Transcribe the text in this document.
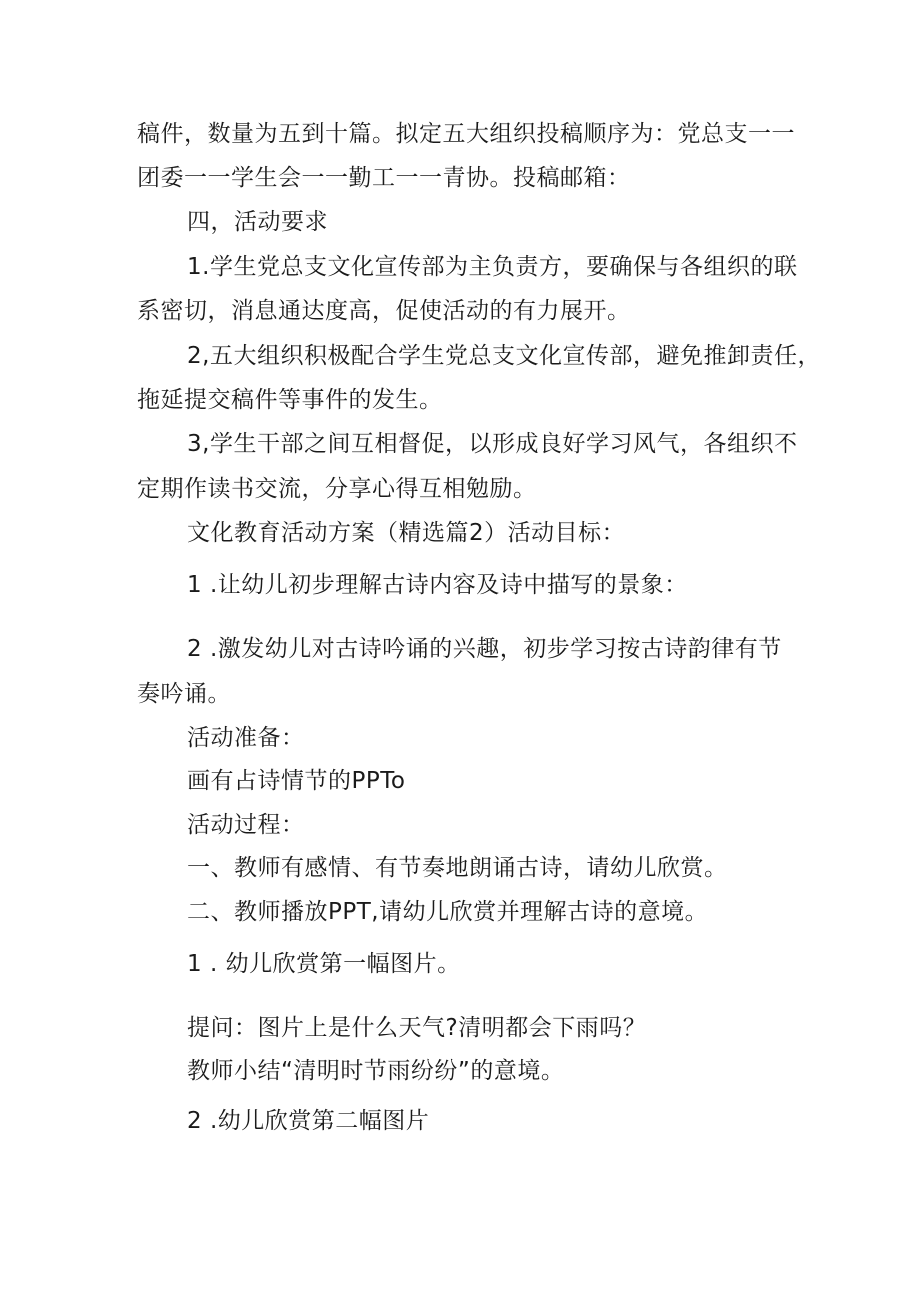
稿件，数量为五到十篇。拟定五大组织投稿顺序为：党总支一一
团委一一学生会一一勤工一一青协。投稿邮箱：
四，活动要求
1.学生党总支文化宣传部为主负责方，要确保与各组织的联
系密切，消息通达度高，促使活动的有力展开。
2,五大组织积极配合学生党总支文化宣传部，避免推卸责任，
拖延提交稿件等事件的发生。
3,学生干部之间互相督促，以形成良好学习风气，各组织不
定期作读书交流，分享心得互相勉励。
文化教育活动方案（精选篇2）活动目标：
1 .让幼儿初步理解古诗内容及诗中描写的景象：
2 .激发幼儿对古诗吟诵的兴趣，初步学习按古诗韵律有节
奏吟诵。
活动准备：
画有占诗情节的PPTo
活动过程：
一、教师有感情、有节奏地朗诵古诗，请幼儿欣赏。
二、教师播放PPT,请幼儿欣赏并理解古诗的意境。
1 . 幼儿欣赏第一幅图片。
提问：图片上是什么天气?清明都会下雨吗？
教师小结“清明时节雨纷纷”的意境。
2 .幼儿欣赏第二幅图片
